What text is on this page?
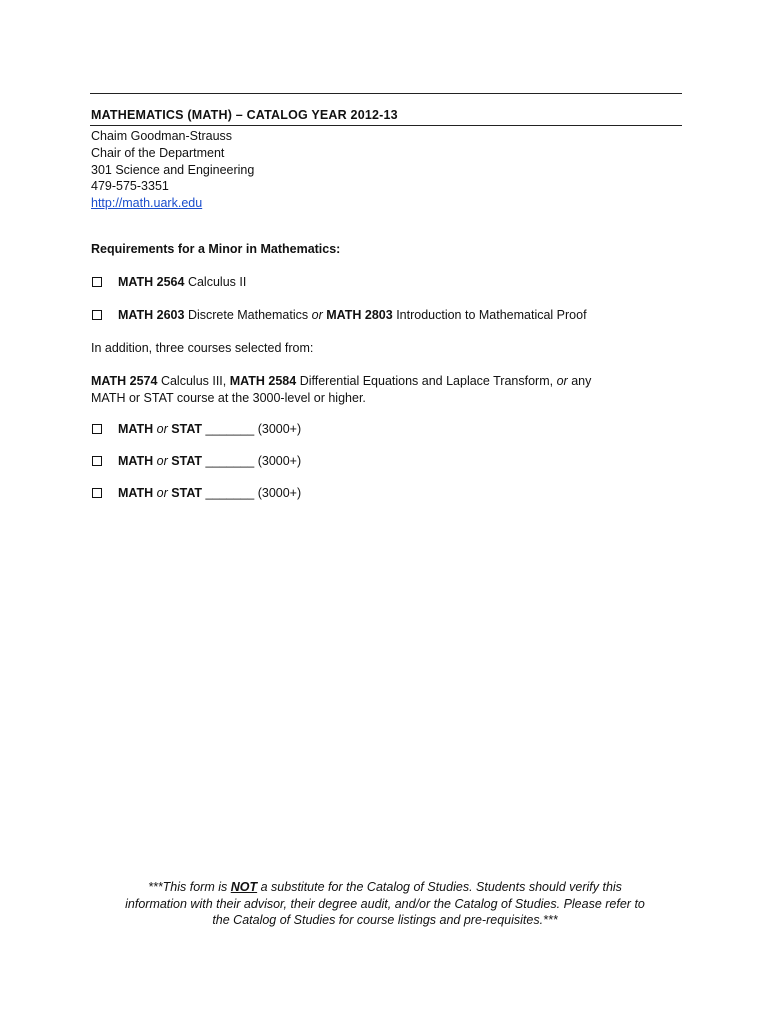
MATHEMATICS (MATH) – CATALOG YEAR 2012-13
Chaim Goodman-Strauss
Chair of the Department
301 Science and Engineering
479-575-3351
http://math.uark.edu
Requirements for a Minor in Mathematics:
MATH 2564
Calculus II
MATH 2603
Discrete Mathematics
or
MATH 2803
Introduction to Mathematical Proof
In addition, three courses selected from:
MATH 2574 Calculus III, MATH 2584 Differential Equations and Laplace Transform, or any
MATH or STAT course at the 3000-level or higher.
MATH
or
STAT
_______
(3000+)
MATH
or
STAT
_______
(3000+)
MATH
or
STAT
_______
(3000+)
***This form is NOT a substitute for the Catalog of Studies. Students should verify this
information with their advisor, their degree audit, and/or the Catalog of Studies. Please refer to
the Catalog of Studies for course listings and pre-requisites.***
